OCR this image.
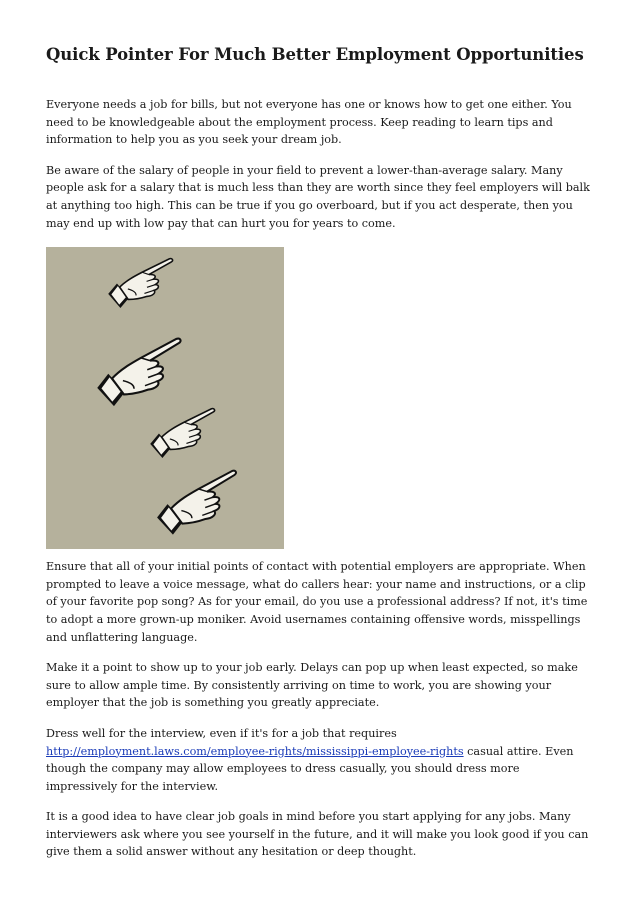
Quick Pointer For Much Better Employment Opportunities

Everyone needs a job for bills, but not everyone has one or knows how to get one either. You need to be knowledgeable about the employment process. Keep reading to learn tips and information to help you as you seek your dream job.

Be aware of the salary of people in your field to prevent a lower-than-average salary. Many people ask for a salary that is much less than they are worth since they feel employers will balk at anything too high. This can be true if you go overboard, but if you act desperate, then you may end up with low pay that can hurt you for years to come.

Ensure that all of your initial points of contact with potential employers are appropriate. When prompted to leave a voice message, what do callers hear: your name and instructions, or a clip of your favorite pop song? As for your email, do you use a professional address? If not, it's time to adopt a more grown-up moniker. Avoid usernames containing offensive words, misspellings and unflattering language.

Make it a point to show up to your job early. Delays can pop up when least expected, so make sure to allow ample time. By consistently arriving on time to work, you are showing your employer that the job is something you greatly appreciate.

Dress well for the interview, even if it's for a job that requires http://employment.laws.com/employee-rights/mississippi-employee-rights casual attire. Even though the company may allow employees to dress casually, you should dress more impressively for the interview.

It is a good idea to have clear job goals in mind before you start applying for any jobs. Many interviewers ask where you see yourself in the future, and it will make you look good if you can give them a solid answer without any hesitation or deep thought.
